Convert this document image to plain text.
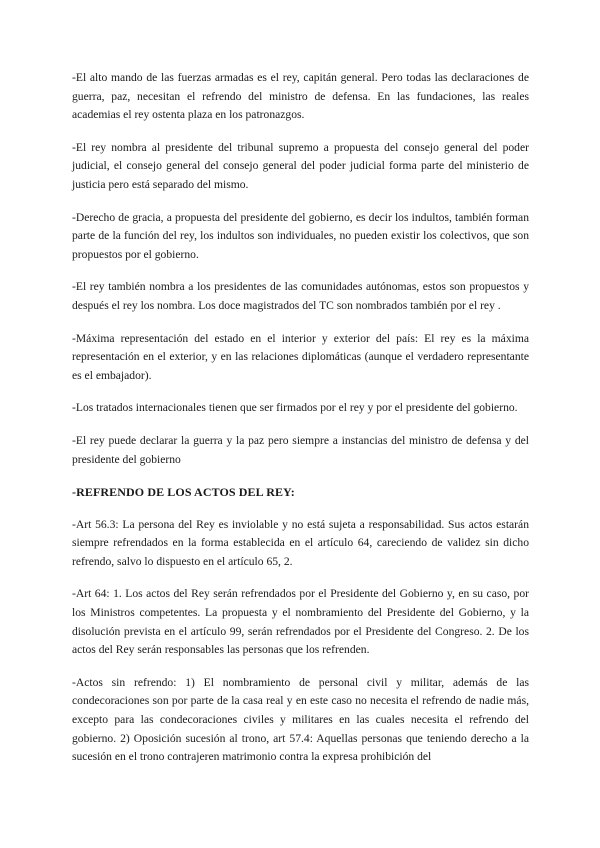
-El alto mando de las fuerzas armadas es el rey, capitán general. Pero todas las declaraciones de guerra, paz, necesitan el refrendo del ministro de defensa. En las fundaciones, las reales academias el rey ostenta plaza en los patronazgos.

-El rey nombra al presidente del tribunal supremo a propuesta del consejo general del poder judicial, el consejo general del consejo general del poder judicial forma parte del ministerio de justicia pero está separado del mismo.

-Derecho de gracia, a propuesta del presidente del gobierno, es decir los indultos, también forman parte de la función del rey, los indultos son individuales, no pueden existir los colectivos, que son propuestos por el gobierno.

-El rey también nombra a los presidentes de las comunidades autónomas, estos son propuestos y después el rey los nombra. Los doce magistrados del TC son nombrados también por el rey .

-Máxima representación del estado en el interior y exterior del país: El rey es la máxima representación en el exterior, y en las relaciones diplomáticas (aunque el verdadero representante es el embajador).

-Los tratados internacionales tienen que ser firmados por el rey y por el presidente del gobierno.

-El rey puede declarar la guerra y la paz pero siempre a instancias del ministro de defensa y del presidente del gobierno

-REFRENDO DE LOS ACTOS DEL REY:

-Art 56.3: La persona del Rey es inviolable y no está sujeta a responsabilidad. Sus actos estarán siempre refrendados en la forma establecida en el artículo 64, careciendo de validez sin dicho refrendo, salvo lo dispuesto en el artículo 65, 2.

-Art 64: 1. Los actos del Rey serán refrendados por el Presidente del Gobierno y, en su caso, por los Ministros competentes. La propuesta y el nombramiento del Presidente del Gobierno, y la disolución prevista en el artículo 99, serán refrendados por el Presidente del Congreso. 2. De los actos del Rey serán responsables las personas que los refrenden.

-Actos sin refrendo: 1) El nombramiento de personal civil y militar, además de las condecoraciones son por parte de la casa real y en este caso no necesita el refrendo de nadie más, excepto para las condecoraciones civiles y militares en las cuales necesita el refrendo del gobierno. 2) Oposición sucesión al trono, art 57.4: Aquellas personas que teniendo derecho a la sucesión en el trono contrajeren matrimonio contra la expresa prohibición del
